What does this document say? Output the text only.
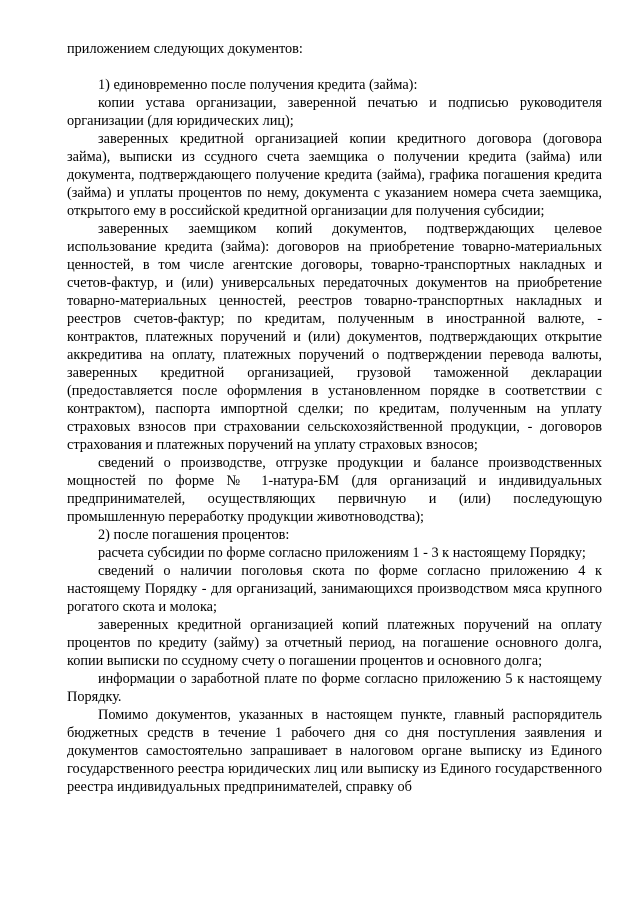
приложением следующих документов:

1) единовременно после получения кредита (займа):

копии устава организации, заверенной печатью и подписью руководителя организации (для юридических лиц);

заверенных кредитной организацией копии кредитного договора (договора займа), выписки из ссудного счета заемщика о получении кредита (займа) или документа, подтверждающего получение кредита (займа), графика погашения кредита (займа) и уплаты процентов по нему, документа с указанием номера счета заемщика, открытого ему в российской кредитной организации для получения субсидии;

заверенных заемщиком копий документов, подтверждающих целевое использование кредита (займа): договоров на приобретение товарно-материальных ценностей, в том числе агентские договоры, товарно-транспортных накладных и счетов-фактур, и (или) универсальных передаточных документов на приобретение товарно-материальных ценностей, реестров товарно-транспортных накладных и реестров счетов-фактур; по кредитам, полученным в иностранной валюте, - контрактов, платежных поручений и (или) документов, подтверждающих открытие аккредитива на оплату, платежных поручений о подтверждении перевода валюты, заверенных кредитной организацией, грузовой таможенной декларации (предоставляется после оформления в установленном порядке в соответствии с контрактом), паспорта импортной сделки; по кредитам, полученным на уплату страховых взносов при страховании сельскохозяйственной продукции, - договоров страхования и платежных поручений на уплату страховых взносов;

сведений о производстве, отгрузке продукции и балансе производственных мощностей по форме № 1-натура-БМ (для организаций и индивидуальных предпринимателей, осуществляющих первичную и (или) последующую промышленную переработку продукции животноводства);

2) после погашения процентов:

расчета субсидии по форме согласно приложениям 1 - 3 к настоящему Порядку;

сведений о наличии поголовья скота по форме согласно приложению 4 к настоящему Порядку - для организаций, занимающихся производством мяса крупного рогатого скота и молока;

заверенных кредитной организацией копий платежных поручений на оплату процентов по кредиту (займу) за отчетный период, на погашение основного долга, копии выписки по ссудному счету о погашении процентов и основного долга;

информации о заработной плате по форме согласно приложению 5 к настоящему Порядку.

Помимо документов, указанных в настоящем пункте, главный распорядитель бюджетных средств в течение 1 рабочего дня со дня поступления заявления и документов самостоятельно запрашивает в налоговом органе выписку из Единого государственного реестра юридических лиц или выписку из Единого государственного реестра индивидуальных предпринимателей, справку об
